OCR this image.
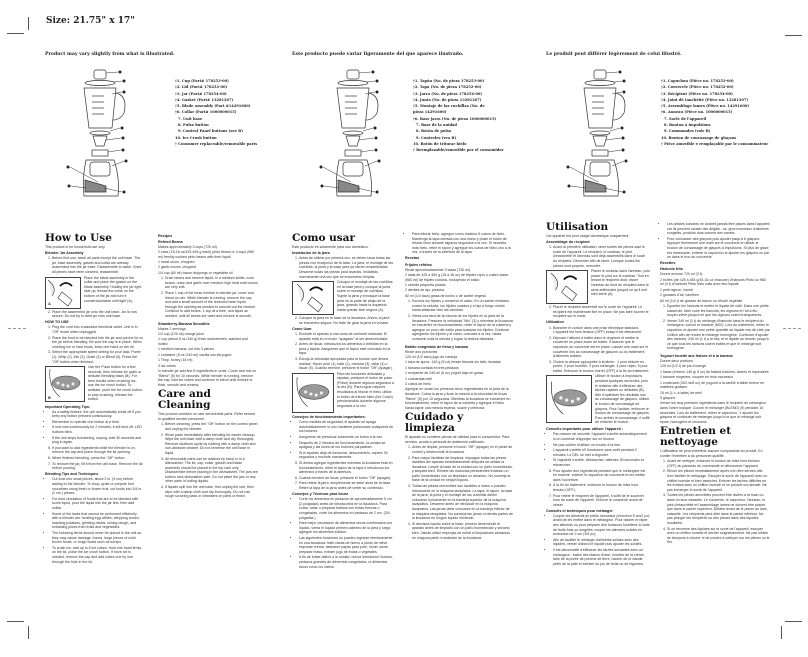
Size: 21.75" x 17"
Product may vary slightly from what is illustrated.
†1. Cup (Part# 178253-00)
†2. Lid (Part# 178252-00)
†3. Jar (Part# 178254-00)
†4. Gasket (Part# 13281207)
†5. Blade assembly (Part #14291600)
†6. Collar (Part# 1000000015)
7. Unit base
8. Pulse button
9. Control Panel buttons (see B)
10. Ice Crush button
† Consumer replaceable/removable parts
How to Use

This product is for household use only.

Blender Jar Assembly
1. Before first use, wash all parts except the unit base. The jar, base assembly, gasket and collar are already assembled into the jar base. Disassemble to wash. Once all pieces have been cleaned, reassemble.
A

Place the blade assembly in the collar and place the gasket on the blade assembly. Holding the jar right-side up, thread the collar on the bottom of the jar and turn it counterclockwise until tight (A).

2. Place the assembled jar onto the unit base. Jar is now secure. Do not try to twist jar onto unit base.
HOW TO USE
1. Plug the cord into a standard electrical outlet. Unit is in "Off" mode when unplugged.
2. Place the food to be blended into the jar and put the lid on the jar before blending. Be sure the cap is in place. When crushing ice or hard foods, keep one hand on the lid.
3. Select the appropriate speed setting for your task: Puree (1), Whip (2), Mix (3), Grate (4) or Blend (5). Press the "Off" button when finished.
B

Use the Pulse button for a few seconds, then release for quick or delicate blending tasks (B). For best results when crushing ice, use the ice crush button. To activate, push the ice crush button; to stop crushing, release the button.

Important Operating Tips:
• As a safety feature, the unit automatically shuts off if you keep any button pressed continuously.
• Remember to operate one button at a time.
• If unit runs continuously for 2 minutes, it will shut off. LED buttons blink.
• If the unit stops functioning, unplug, wait 30 seconds and plug in again.
5. If you want to add ingredients while the blender is on, remove the cap and place through the lid opening.
6. When finished blending, press the "Off" button.
7. To remove the jar, lift it from the unit base. Remove the lid before pouring.
Blending Tips and Techniques
• Cut food into small pieces, about 2 in. (5 cm) before adding to the blender. To chop, grate or prepare fruit smoothies using fresh or frozen fruit, cut foods into 3/4 in. (2 cm.) pieces.
• For best circulation of foods that are to be blended with some liquid, pour the liquid into the jar first, then add solids.
• Some of the tasks that cannot be performed efficiently with a blender are: beating egg whites, whipping cream, mashing potatoes, grinding meats, mixing dough, and extracting juices from fruits and vegetables.
• The following items should never be placed in the unit as they may cause damage: bones, large pieces of solid frozen foods, or tough foods such as turnips.
• To crush ice, add up to 6 ice cubes. Hold one hand firmly on the lid, pulse the ice crush button. If more ice is needed, remove the cap and add cubes one by one through the hole in the lid.
Recipes
Refried Beans

Makes approximately 3 cups (720 ml).

2 cans (15-16 oz/425-454 g each) pinto beans or 4 cups (960 ml) freshly cooked pinto beans with their liquid

1 small onion, chopped

2 garlic cloves, chopped

1/4 cup (60 ml) bacon drippings or vegetable oil

1. Drain beans and reserve liquid. In a medium skillet, cook beans, onion and garlic over medium-high heat until onions are very soft.
2. Place 1 cup of the bean mixture in blender jar, cover and blend on mix. While blender is running, remove the cap and add a small amount of the reserved bean liquid through the opening as needed to smooth out the mixture. Continue to add beans, 1 cup at a time, and liquid as needed, until all beans are used and mixture is smooth.
Strawberry-Banana Smoothie

Makes 2 servings

1/2 cup (120 ml) orange juice

1 cup (about 5 oz./140 g) fresh strawberries, washed and hulled

1 medium banana, cut into 3 pieces

1 container (8 oz./240 ml) vanilla low-fat yogurt

1 Tbsp. honey (15 ml)

3 ice cubes

In blender jar add first 5 ingredients in order. Cover and mix on "Blend" (5) for 10 seconds. While blender is running, remove the cap. Add ice cubes and continue to blend until mixture is thick, smooth and creamy.

Care and Cleaning

This product contains no user serviceable parts. Refer service to qualified service personnel.

1. Before cleaning, press the "Off" button on the control panel and unplug the blender.
2. Rinse parts immediately after blending for easier cleanup. Wipe the unit base with a damp cloth and dry thoroughly. Remove stubborn spots by rubbing with a damp cloth and non-abrasive cleaner. Do not immerse the unit base in liquid.
3. All removable parts can be washed by hand or in a dishwasher. The lid, cap, collar, gasket and blade assembly should be placed in the top rack only. Disassemble before placing in the dishwasher. The jars are bottom rack dishwasher-safe. Do not place the jars or any other parts in boiling liquids.
4. If liquids spill into the unit base, first unplug the unit, then wipe with a damp cloth and dry thoroughly. Do not use rough scouring pads or cleansers on parts or finish.
Este producto puede variar ligeramente del que aparece ilustrado.
†1. Tapón (No. de pieza 178253-00)
†2. Tapa (No. de pieza 178252-00)
†3. Jarra (No. de pieza 178254-00)
†4. Junta (No. de pieza 13281207)
†5. Montaje de las cuchillas (No. de pieza 14291600)
†6. Base jarra (No. de pieza 1000000015)
7. Base de la unidad
8. Botón de pulso
9. Controles (vea B)
10. Botón de triturar hielo
† Reemplazable/removible por el consumidor
Como usar

Este producto es solamente para uso doméstico.

Instalación de la jarra
1. Antes de utilizar por primera vez, se deben lavar todas las piezas con excepción de la base. La jarra, el montaje de las cuchillas, la junta y la base jarra ya vienen ensambladas. Desarme todas las piezas para lavarlas. Instálelas nuevamente una vez que se encuentren limpias.

Coloque el montaje de las cuchillas en la base jarra y coloque la junta sobre el montaje de cuchillas. Sujete la jarra y enrosque la base jarra en la parte de abajo de la jarra, girando hacia la izquierda hasta quedar bien segura (A).

2. Coloque la jarra en la base de la licuadora. Ahora, la jarra se encuentra segura. No trate de girar la jarra en la base.
Como Usar
1. Enchufe el aparato a una toma de corriente estándar. El aparato está en el modo "apagado" al ser desenchufado.
2. Antes de licuar, introduzca los alimentos o bebidas en la jarra y tápela. Asegúrese que el tapón esté colocado en la tapa.
3. Escoja la velocidad apropiada para la función que desea realizar: Hacer puré (1), batir (2), mezclar (3), rallar (4) o licuar (5). Cuando termine, presione el botón "Off" (apagar).

Para las funciones delicadas y rápidas, presione el botón de pulso (Pulse) durante algunos segundos a la vez (B). Para lograr mejores resultados al triturar el hielo, utilice el botón de triturar hielo (Ice Crush) presionándolo durante algunos segundos a la vez.

Consejos de funcionamiento importantes:
• Como medida de seguridad, el aparato se apaga automáticamente si uno mantiene presionado cualquiera de los botones.
• Asegúrese de presionar solamente un botón a la vez.
• Después de 2 minutos de funcionamiento, la unidad se apagará y las luces de los botones parpadean.
• Si el aparato deja de funcionar, desconéctelo, espere 30 segundos y enchufe nuevamente.
5. Si desea agregar ingredientes mientras la licuadora está en funcionamiento, retire el tapón de la tapa e introduzca los alimentos a través de la abertura.
6. Cuando termine de licuar, presione el botón "Off" (apagar).
7. Para retirar la jarra, simplemente se debe alzar de la base. Retire la tapa de la jarra antes de verter su contenido.
Consejos y Técnicas para licuar
• Corte los alimentos en pedazos de aproximadamente 5 cm. (2 pulgadas) antes de introducirlos en la licuadora. Para cortar, rallar o preparar batidos con frutas frescas o congeladas, corte los alimentos en pedazos de 2 cm. (3/4 pulgadas.)
• Para mejor circulación de alimentos secos combinados con líquido, vierta el líquido primero adentro de la jarra y luego agregue los alimentos sólidos.
• Las siguientes funciones no pueden lograrse efectivamente en una licuadora: batir claras de huevo a punto de nieve, espumar crema, deshacer papas para puré, moler carne, preparar masa, extraer jugo de frutas o vegetales.
• A fin de evitar daños a la unidad, nunca introduzca: huesos, pedazos grandes de alimentos congelados, ni alimentos duros como los nabos.
• Para triturar hielo, agregue como máximo 6 cubos de hielo. Mantenga la tapa cerrada con una mano y pulse el botón de triturar hielo durante algunos segundos a la vez. Si necesita más hielo, retire el tapón y agregue los cubos de hielo uno a la vez, a través de la abertura de la tapa.
Recetas
Frijoles refritos

Rinde aproximadamente 3 tazas (720 ml).

2 latas de 425 a 454 g (15 a 16 oz) de frijoles rojos o cuatro tazas (960 ml) de frijoles cocidos, incluyendo el caldo

1 cebolla pequeña picada

2 dientes de ajo, picados

60 ml (1/4 taza) grasa de tocino o de aceite vegetal

1. Escurra los frijoles y conserve el caldo. En un sartén mediano, cocine la cebolla, los frijoles cocidos y el ajo a fuego medio hasta ablandar bien las cebollas.
2. Vierta una taza de la mezcla de los frijoles en la jarra de la licuadora. Presione la velocidad "Mix" (3) y mientras la licuadora se encuentre en funcionamiento, retire el tapón de la cubierta y agregue un poco del caldo para suavizar los frijoles. Continué agregando los frijoles y el caldo, una taza a la vez, hasta consumir toda la mezcla y lograr la textura deseada.
Batido congelado de fresa y banana

Rinde dos porciones

120 ml (1/2 taza) jugo de naranja

1 taza de aprox. 140 g (5 oz) fresas frescas sin tallo, lavadas

1 banana cortada en tres pedazos

1 recipiente de 240 ml (8 oz) yogurt bajo en grasa

1 cucharada miel

3 cubos de hielo

Agregue en orden los primeros cinco ingredientes en la jarra de la licuadora. Cubra la jarra y licúe la mezcla a la velocidad de licuar "Blend" (5) por 10 segundos. Mientras la licuadora se encuentre en funcionamiento, retire el tapón de la cubierta y agregue el hielo hasta lograr una mezcla espesa, suave y cremosa.

Cuidado y limpieza

El aparato no contiene piezas de utilidad para el consumidor. Para servicio, acuda a personal de asistencia calificado.

1. Antes de limpiar, presione el botón "Off" (apagar) en el panel de control y desenchufe la licuadora.
2. Para mayor facilidad de limpieza, enjuague todas las piezas lavables del aparato inmediatamente después de utilizar la licuadora. Limpie la base de la unidad con un paño humedecido y séquela bien. Elimine las manchas persistentes frotando un paño humedecido con un limpiador no abrasivo. No sumerja la base de la unidad en ningún líquido.
3. Todas las piezas removibles son lavables a mano o pueden introducirse en la máquina lavaplatos. La tapa, el tapón, la base de la jarra, la junta y el montaje de las cuchillas deben colocarse únicamente en la bandeja superior de la máquina lavaplatos. Desarme antes de introducir en la máquina lavaplatos. Las jarras debe colocarse en la bandeja inferior de la máquina lavaplatos. No sumerja las jarras ni demás partes de la licuadora en ningún líquido hirviendo.
4. Si derrama líquido sobre la base, primero desenchufe el aparato antes de limpiarlo con un paño humedecido y sécuelo bien. Jamás utilice esponjas de metal ni limpiadores abrasivos en ninguna parte ni acabado de la licuadora.
Le produit peut différer légèrement de celui illustré.
†1. Capuchon (Pièce no. 178253-00)
†2. Couvercle (Pièce no. 178252-00)
†3. Récipient (Pièce no. 178254-00)
†4. Joint dé tanchéité (Pièce no. 13281207)
†5. Assemblage lames (Pièce no. 14291600)
†6. Anneau (Pièce no. 1000000015)
7. Socle de l'appareil
8. Bouton à impulsions
9. Commandes (voir B)
10. Bouton de concassage de glaçons
† Pièce amovible e remplaçable par le consommateur
Utilisation

Cet appareil est pour usage domestique uniquement.

Assemblage du récipient
1. Avant la première utilisation, laver toutes les pièces sauf le socle de l'appareil. Le récipient, le couteau, le joint d'étanchéité et l'anneau sont déjà assemblés dans le socle du récipient. Démonter afin de laver. Lorsque toutes les pièces sont propres, remonter.

Placer le couteau dans l'anneau, puis placer le joint sur le couteau. Tout en tenant le récipient droit, visser l'anneau au fond du récipient dans le sens antihoraire jusqu'à ce qu'il soit bien serré (A).

2. Placer le récipient assemblé sur le socle de l'appareil. Le récipient est maintenant fixé en place. Ne pas faire tourner le récipient sur le socle.
Utilisation
1. Brancher le cordon dans une prise électrique standard. L'appareil est hors tension (OFF) lorsqu'il est débranché.
2. Déposer l'aliment à traiter dans le récipient et mettre le couvercle en place avant de traiter. S'assurer que le capuchon du couvercle est en place. Laisser une main sur le couvercle lors du concassage de glaçons ou du traitement d'aliments solides.
3. Choisir la vitesse appropriée à la tâche : 1 pour réduire en purée, 2 pour fouetter, 3 pour mélanger, 4 pour râper, 5 pour battre. Enfoncer le bouton d'arrêt (OFF) à la fin du traitement.

Utiliser le bouton à impulsions pendant quelques secondes, puis le relâcher afin d'effectuer des tâches rapides ou délicates (B). Afin d'optimiser les résultats lors du concassage de glaçons, utiliser le bouton de concassage de glaçons. Pour l'activer, enfoncer le bouton de concassage de glaçons. Pour arrêter le concassage, il suffit de relâcher le bouton.

Conseils importants pour utiliser l'appareil :
• Par mesure de sécurité, l'appareil s'arrête automatiquement si on continue d'appuyer sur un bouton.
• Ne pas oublier d'utiliser un bouton à la fois.
• L'appareil s'arrête s'il fonctionne sans arrêt pendant 2 minutes. Le DEL se met à clignoter.
• Si l'appareil s'arrête, débrancher, attendre 30 secondes et rebrancher.
5. Pour ajouter des ingrédients pendant que le mélangeur est en marche, enlever le capuchon du couvercle et les mettre dans l'ouverture.
6. À la fin du traitement, enfoncer le bouton de mise hors tension (OFF).
7. Pour retirer le récipient de l'appareil, il suffit de le soulever hors du socle de l'appareil. Enlever le couvercle avant de verser.
Conseils et techniques pour mélanger
• Couper les aliments en petits morceaux (d'environ 5 cm/2 po) avant de les mettre dans le mélangeur. Pour hacher et râper des aliments ou pour préparer des boissons fouettées à l'aide de fruits frais ou surgelés, couper les aliments solides en morceaux de 2 cm (3/4 po).
• Afin de faciliter le mélange d'aliments solides avec des liquides, verser d'abord le liquide puis ajouter les solides.
• Il est déconseillé d'effectuer les tâches suivantes avec un mélangeur : battre des blancs d'oeuf, fouetter de la crème, faire de la purée de pomme de terre, hacher de la viande, pétrir de la pâte et extraire du jus de fruits ou de légumes.
• Les articles suivants ne doivent jamais être placés dans l'appareil car ils peuvent causer des dégâts : os, gros morceaux d'aliments congelés, produits durs comme des navets.
• Pour concasser des glaçons puis ajouter jusqu'à 6 glaçons. Appuyer fermement une main sur le couvercle et utiliser le bouton de concassage de glaçons à impulsions. Si plus de glace est nécessaire, enlever le capuchon et ajouter les glaçons un par un dans le trou du couvercle.
Recettes
Haricots frits

Donne environ 720 ml (3 t).

2 boîtes (de 425 à 454 g/15-16 oz chacune) d'haricots Pinto ou 960 ml (4 t) d'haricots Pinto frais cuits avec leur liquide

1 petit oignon, haché

2 gousses d'ail, hachées

60 ml (1/4 t) de graisse de bacon ou d'huile végétale

1. Égoutter les haricots et mettre le liquide de côté. Dans une petite casserole, faire cuire les haricots, les oignons et l'ail à feu moyen-élevé jusqu'à ce que les oignons soient transparents.
2. Verser 240 ml (1 t) du mélange d'haricots dans le récipient du mélangeur, couvrir et malaxer (MIX). Lors du traitement, retirer le capuchon et ajouter une petite quantité du liquide mis de côté par l'orifice afin de rendre le mélange homogène. Continuer d'ajouter des haricots, 240 ml (1 t) à la fois, et le liquide au besoin, jusqu'à ce que tous les haricots soient traités et que le mélange soit homogène.
Yogourt fouetté aux fraises et à la banane

Donne deux portions.

120 ml (1/2 t) de jus d'orange

1 tasse (environ 140 g/ 5 oz) de fraises fraîches, lavées et équeutées

1 banane moyenne, coupée en trois morceaux

1 contenant (240 ml/8 oz) de yogourt à la vanille à faible teneur en matières grasses

15 ml (1 c. à table) de miel

3 glaçons

Verser les cinq premiers ingrédients dans le récipient du mélangeur dans l'ordre indiqué. Couvrir et mélanger (BLEND) (5) pendant 10 secondes. Lors du traitement, retirer le capuchon. Y ajouter les glaçons et continuer de mélanger jusqu'à ce que le mélange soit épais, homogène et onctueux.

Entretien et nettoyage

L'utilisateur ne peut entretenir aucune composante du produit. En confier l'entretien à du personnel qualifié.

1. Avant de nettoyer, enfoncer le bouton de mise hors tension (OFF) du panneau de commande et débrancher l'appareil.
2. Rincer les pièces immédiatement après s'en être servies afin d'en faciliter le nettoyage. Essuyer le socle de l'appareil avec un chiffon humide et bien assécher. Enlever les taches difficiles en les frottant avec un chiffon humide et un produit non abrasif. Ne pas immerger le socle de l'appareil.
3. Toutes les pièces amovibles peuvent être lavées à la main ou dans un lave-vaisselle. Le couvercle, le capuchon, l'anneau, le joint d'étanchéité et l'assemblage lames ne doivent être placés que dans le panier supérieur. Défaire avant de le placer au lave-vaisselle. Les récipients peut aller dans le panier inférieur. Ne pas plonger les récipients ou des pièces dans des liquides bouillants.
4. Si on renverse des liquides sur le socle de l'appareil, essuyer avec un chiffon humide et sécher soigneusement. Ne pas utiliser de tampons à récurer ni de poudre à nettoyer sur les pièces ou le fini.
